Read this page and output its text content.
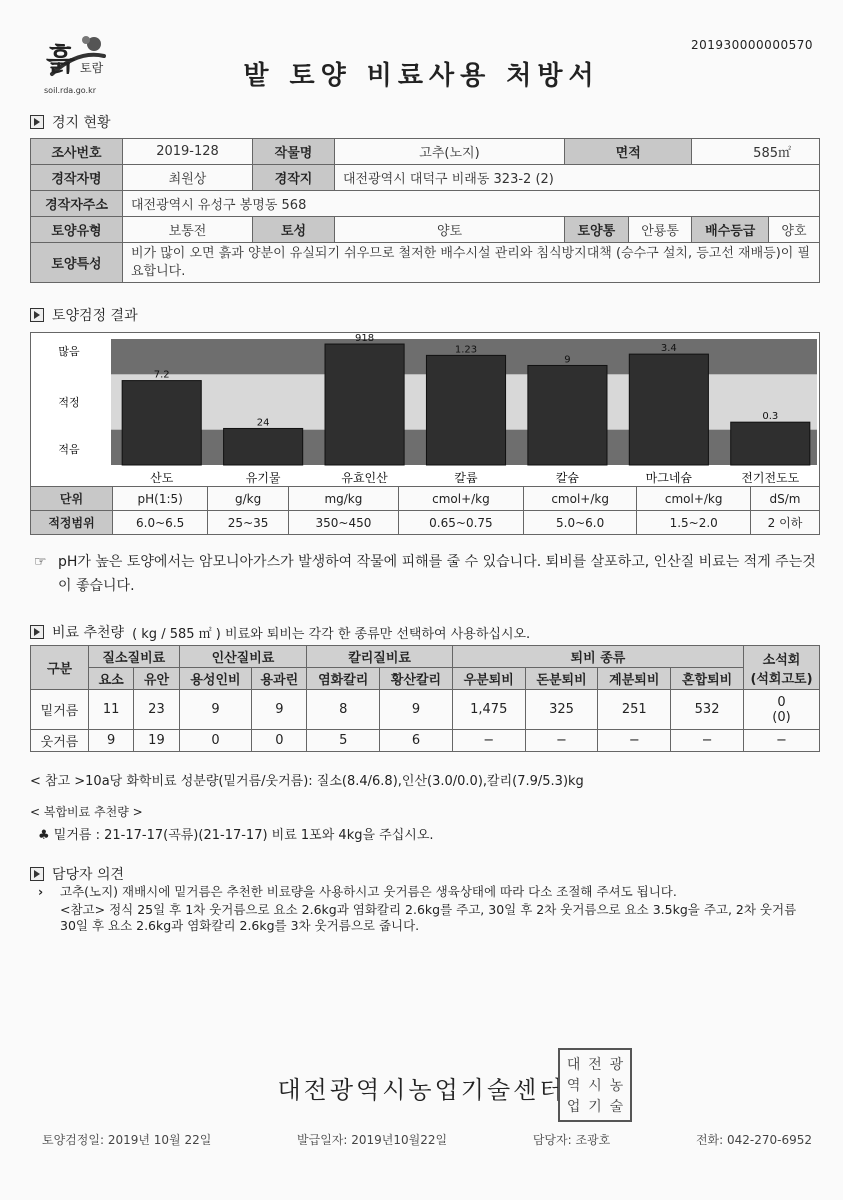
201930000000570
흙 토람
soil.rda.go.kr	밭 토양 비료사용 처방서
경지 현황
조사번호	2019-128	작물명	고추(노지)	면적		585㎡	
경작자명	최원상	경작지	대전광역시 대덕구 비래동 323-2 (2)				
경작자주소	대전광역시 유성구 봉명동 568						
토양유형	보통전	토성	양토	토양통	안룡통	배수등급	양호
토양특성	비가 많이 오면 흙과 양분이 유실되기 쉬우므로 철저한 배수시설 관리와 침식방지대책 (승수구 설치, 등고선 재배등)이 필요합니다.						
토양검정 결과
많음
적정
적음
7.2
산도
24
유기물
918
유효인산
1.23
칼륨
9
칼슘
3.4
마그네슘
0.3
전기전도도
단위	pH(1:5)	g/kg	mg/kg	cmol+/kg	cmol+/kg	cmol+/kg	dS/m
적정범위	6.0~6.5	25~35	350~450	0.65~0.75	5.0~6.0	1.5~2.0	2 이하
☞ pH가 높은 토양에서는 암모니아가스가 발생하여 작물에 피해를 줄 수 있습니다. 퇴비를 살포하고, 인산질 비료는 적게 주는것이 좋습니다.
비료 추천량 ( kg / 585 ㎡ ) 비료와 퇴비는 각각 한 종류만 선택하여 사용하십시오.
구분	질소질비료		인산질비료		칼리질비료		퇴비 종류				소석회
(석회고토)

	요소	유안	용성인비	용과린	염화칼리	황산칼리	우분퇴비	돈분퇴비	계분퇴비	혼합퇴비	
밑거름	11	23	9	9	8	9	1,475	325	251	532	0
(0)

웃거름	9	19	0	0	5	6	−	−	−	−	−
< 참고 >10a당 화학비료 성분량(밑거름/웃거름): 질소(8.4/6.8),인산(3.0/0.0),칼리(7.9/5.3)kg
< 복합비료 추천량 >
♣ 밑거름 : 21-17-17(곡류)(21-17-17) 비료 1포와 4kg을 주십시오.
담당자 의견
› 고추(노지) 재배시에 밑거름은 추천한 비료량을 사용하시고 웃거름은 생육상태에 따라 다소 조절해 주셔도 됩니다.
<참고> 정식 25일 후 1차 웃거름으로 요소 2.6kg과 염화칼리 2.6kg를 주고, 30일 후 2차 웃거름으로 요소 3.5kg을 주고, 2차 웃거름 30일 후 요소 2.6kg과 염화칼리 2.6kg를 3차 웃거름으로 줍니다.
대전광역시농업기술센터
대 전 광
역 시 농
업 기 술
토양검정일: 2019년 10월 22일	발급일자: 2019년10월22일	담당자: 조광호	전화: 042-270-6952
